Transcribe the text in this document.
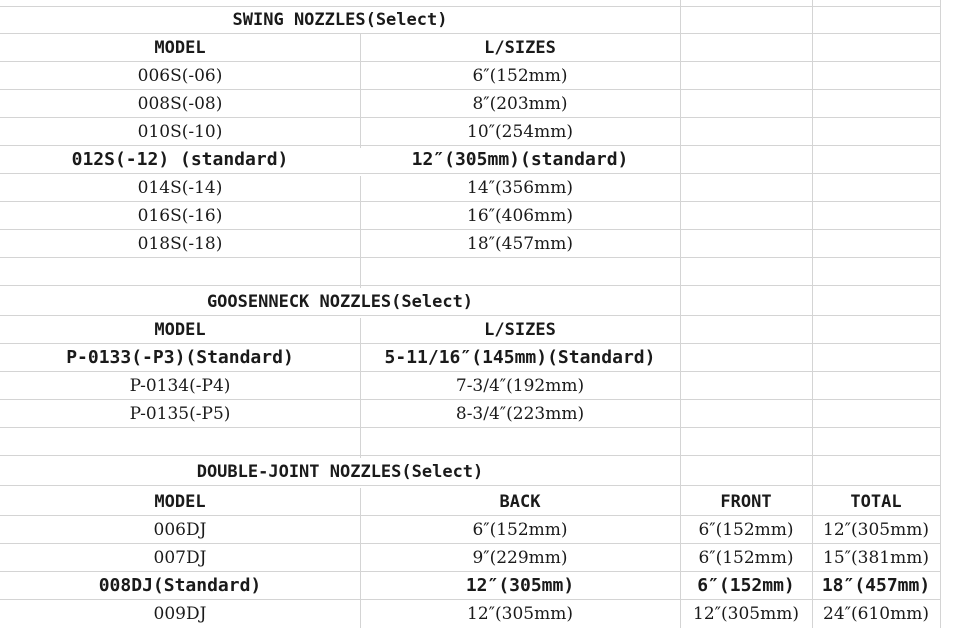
SWING NOZZLES(Select)
MODEL	L/SIZES
006S(-06)	6″(152mm)
008S(-08)	8″(203mm)
010S(-10)	10″(254mm)
012S(-12) (standard)	12″(305mm)(standard)
014S(-14)	14″(356mm)
016S(-16)	16″(406mm)
018S(-18)	18″(457mm)
GOOSENNECK NOZZLES(Select)
MODEL	L/SIZES
P-0133(-P3)(Standard)	5-11/16″(145mm)(Standard)
P-0134(-P4)	7-3/4″(192mm)
P-0135(-P5)	8-3/4″(223mm)
DOUBLE-JOINT NOZZLES(Select)
MODEL	BACK	FRONT	TOTAL
006DJ	6″(152mm)	6″(152mm)	12″(305mm)
007DJ	9″(229mm)	6″(152mm)	15″(381mm)
008DJ(Standard)	12″(305mm)	6″(152mm)	18″(457mm)
009DJ	12″(305mm)	12″(305mm)	24″(610mm)
